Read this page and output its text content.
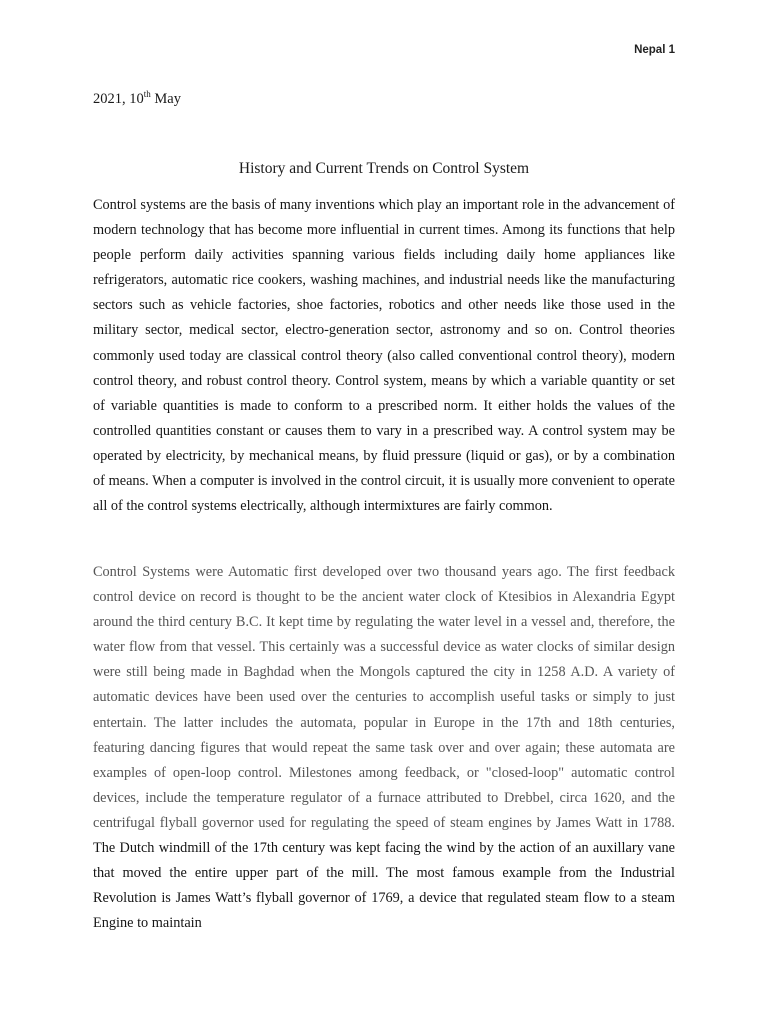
Nepal 1
2021, 10th May
History and Current Trends on Control System

Control systems are the basis of many inventions which play an important role in the advancement of modern technology that has become more influential in current times. Among its functions that help people perform daily activities spanning various fields including daily home appliances like refrigerators, automatic rice cookers, washing machines, and industrial needs like the manufacturing sectors such as vehicle factories, shoe factories, robotics and other needs like those used in the military sector, medical sector, electro-generation sector, astronomy and so on. Control theories commonly used today are classical control theory (also called conventional control theory), modern control theory, and robust control theory. Control system, means by which a variable quantity or set of variable quantities is made to conform to a prescribed norm. It either holds the values of the controlled quantities constant or causes them to vary in a prescribed way. A control system may be operated by electricity, by mechanical means, by fluid pressure (liquid or gas), or by a combination of means. When a computer is involved in the control circuit, it is usually more convenient to operate all of the control systems electrically, although intermixtures are fairly common.

Control Systems were Automatic first developed over two thousand years ago. The first feedback control device on record is thought to be the ancient water clock of Ktesibios in Alexandria Egypt around the third century B.C. It kept time by regulating the water level in a vessel and, therefore, the water flow from that vessel. This certainly was a successful device as water clocks of similar design were still being made in Baghdad when the Mongols captured the city in 1258 A.D. A variety of automatic devices have been used over the centuries to accomplish useful tasks or simply to just entertain. The latter includes the automata, popular in Europe in the 17th and 18th centuries, featuring dancing figures that would repeat the same task over and over again; these automata are examples of open-loop control. Milestones among feedback, or "closed-loop" automatic control devices, include the temperature regulator of a furnace attributed to Drebbel, circa 1620, and the centrifugal flyball governor used for regulating the speed of steam engines by James Watt in 1788. The Dutch windmill of the 17th century was kept facing the wind by the action of an auxillary vane that moved the entire upper part of the mill. The most famous example from the Industrial Revolution is James Watt’s flyball governor of 1769, a device that regulated steam flow to a steam Engine to maintain
